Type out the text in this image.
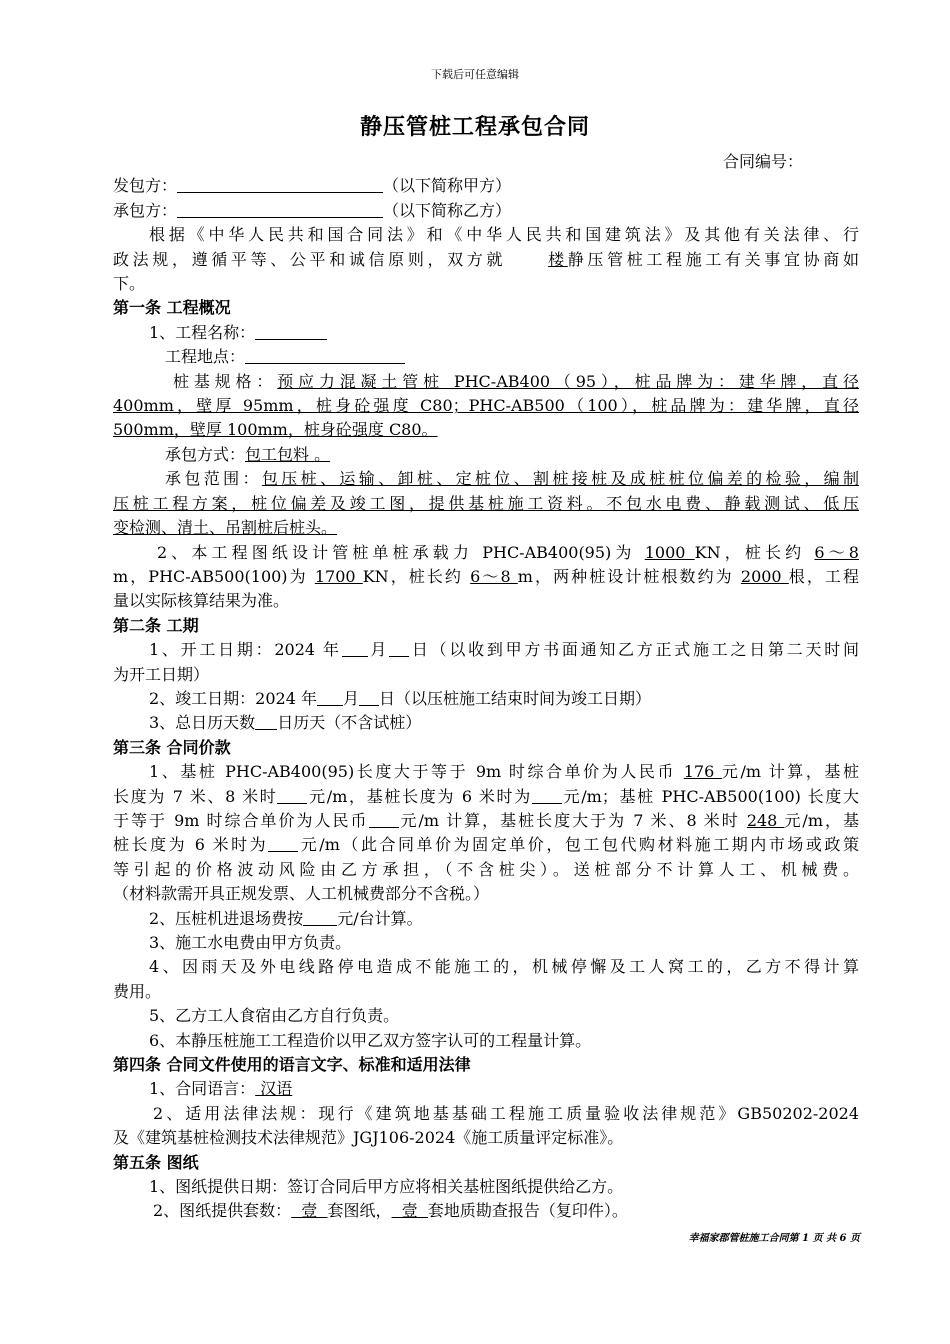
下载后可任意编辑
静压管桩工程承包合同
合同编号：
发包方：	（以下简称甲方）
承包方：	（以下简称乙方）
根据《中华人民共和国合同法》和《中华人民共和国建筑法》及其他有关法律、行
政法规，遵循平等、公平和诚信原则，双方就	楼静压管桩工程施工有关事宜协商如
下。
第一条 工程概况
1、工程名称：
工程地点：
桩基规格：预应力混凝土管桩 PHC-AB400（95），桩品牌为：建华牌，直径
400mm，壁厚 95mm，桩身砼强度 C80；PHC-AB500（100），桩品牌为：建华牌，直径
500mm，壁厚 100mm，桩身砼强度 C80。
承包方式：包工包料 。
承包范围：包压桩、运输、卸桩、定桩位、割桩接桩及成桩桩位偏差的检验，编制
压桩工程方案，桩位偏差及竣工图，提供基桩施工资料。不包水电费、静载测试、低压
变检测、清土、吊割桩后桩头。
2、本工程图纸设计管桩单桩承载力 PHC-AB400(95)为 1000 KN，桩长约 6～8
m，PHC-AB500(100)为 1700 KN，桩长约 6～8 m，两种桩设计桩根数约为 2000 根，工程
量以实际核算结果为准。
第二条 工期
1、开工日期：2024 年 月 日（以收到甲方书面通知乙方正式施工之日第二天时间
为开工日期）
2、竣工日期：2024 年 月 日（以压桩施工结束时间为竣工日期）
3、总日历天数 日历天（不含试桩）
第三条 合同价款
1、基桩 PHC-AB400(95)长度大于等于 9m 时综合单价为人民币 176 元/m 计算，基桩
长度为 7 米、8 米时 元/m，基桩长度为 6 米时为 元/m；基桩 PHC-AB500(100) 长度大
于等于 9m 时综合单价为人民币 元/m 计算，基桩长度大于为 7 米、8 米时 248 元/m，基
桩长度为 6 米时为 元/m（此合同单价为固定单价，包工包代购材料施工期内市场或政策
等引起的价格波动风险由乙方承担，（不含桩尖）。送桩部分不计算人工、机械费。
（材料款需开具正规发票、人工机械费部分不含税。）
2、压桩机进退场费按 元/台计算。
3、施工水电费由甲方负责。
4、因雨天及外电线路停电造成不能施工的，机械停懈及工人窝工的，乙方不得计算
费用。
5、乙方工人食宿由乙方自行负责。
6、本静压桩施工工程造价以甲乙双方签字认可的工程量计算。
第四条 合同文件使用的语言文字、标准和适用法律
1、合同语言： 汉语
2、适用法律法规：现行《建筑地基基础工程施工质量验收法律规范》GB50202-2024
及《建筑基桩检测技术法律规范》JGJ106-2024《施工质量评定标准》。
第五条 图纸
1、图纸提供日期：签订合同后甲方应将相关基桩图纸提供给乙方。
2、图纸提供套数：  壹  套图纸，  壹  套地质勘查报告（复印件）。
幸福家郡管桩施工合同第 1 页 共 6 页
